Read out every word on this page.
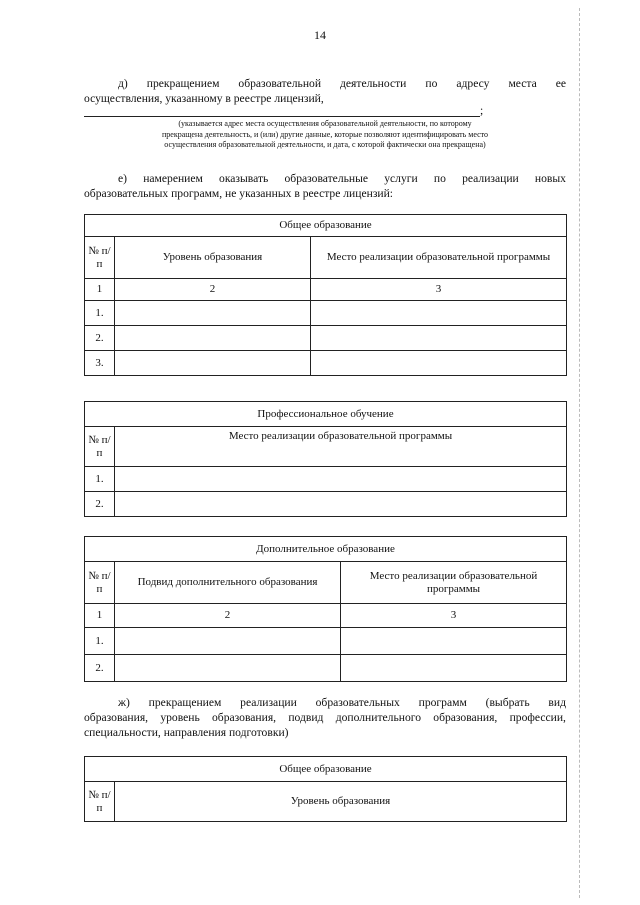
14
д) прекращением образовательной деятельности по адресу места ее
осуществления, указанному в реестре лицензий,
;
(указывается адрес места осуществления образовательной деятельности, по которому
прекращена деятельность, и (или) другие данные, которые позволяют идентифицировать место
осуществления образовательной деятельности, и дата, с которой фактически она прекращена)
е) намерением оказывать образовательные услуги по реализации новых
образовательных программ, не указанных в реестре лицензий:
Общее образование		
№ п/п	Уровень образования	Место реализации образовательной программы
1	2	3
1.		
2.		
3.		
Профессиональное обучение	
№ п/п	Место реализации образовательной программы
1.	
2.	
Дополнительное образование		
№ п/п	Подвид дополнительного образования	Место реализации образовательной программы
1	2	3
1.		
2.		
ж) прекращением реализации образовательных программ (выбрать вид
образования, уровень образования, подвид дополнительного образования, профессии,
специальности, направления подготовки)
Общее образование
№ п/п	Уровень образования
